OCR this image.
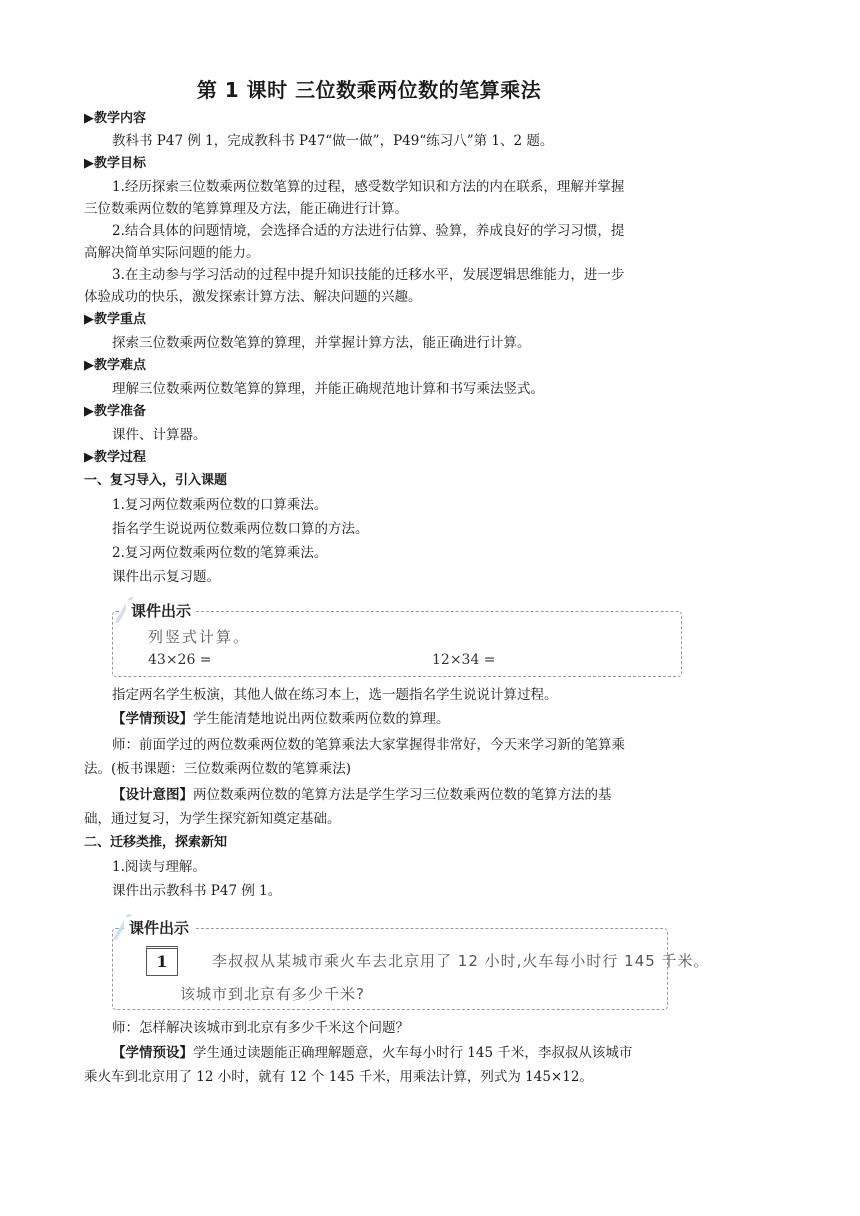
第 1 课时 三位数乘两位数的笔算乘法
▶教学内容
教科书 P47 例 1，完成教科书 P47“做一做”，P49“练习八”第 1、2 题。
▶教学目标
1.经历探索三位数乘两位数笔算的过程，感受数学知识和方法的内在联系，理解并掌握
三位数乘两位数的笔算算理及方法，能正确进行计算。
2.结合具体的问题情境，会选择合适的方法进行估算、验算，养成良好的学习习惯，提
高解决简单实际问题的能力。
3.在主动参与学习活动的过程中提升知识技能的迁移水平，发展逻辑思维能力，进一步
体验成功的快乐，激发探索计算方法、解决问题的兴趣。
▶教学重点
探索三位数乘两位数笔算的算理，并掌握计算方法，能正确进行计算。
▶教学难点
理解三位数乘两位数笔算的算理，并能正确规范地计算和书写乘法竖式。
▶教学准备
课件、计算器。
▶教学过程
一、复习导入，引入课题
1.复习两位数乘两位数的口算乘法。
指名学生说说两位数乘两位数口算的方法。
2.复习两位数乘两位数的笔算乘法。
课件出示复习题。
课件出示
列竖式计算。
43×26 =	12×34 =
指定两名学生板演，其他人做在练习本上，选一题指名学生说说计算过程。
【学情预设】学生能清楚地说出两位数乘两位数的算理。
师：前面学过的两位数乘两位数的笔算乘法大家掌握得非常好，今天来学习新的笔算乘
法。(板书课题：三位数乘两位数的笔算乘法)
【设计意图】两位数乘两位数的笔算方法是学生学习三位数乘两位数的笔算方法的基
础，通过复习，为学生探究新知奠定基础。
二、迁移类推，探索新知
1.阅读与理解。
课件出示教科书 P47 例 1。
课件出示
1	李叔叔从某城市乘火车去北京用了 12 小时,火车每小时行 145 千米。
该城市到北京有多少千米?
师：怎样解决该城市到北京有多少千米这个问题？
【学情预设】学生通过读题能正确理解题意，火车每小时行 145 千米，李叔叔从该城市
乘火车到北京用了 12 小时，就有 12 个 145 千米，用乘法计算，列式为 145×12。
